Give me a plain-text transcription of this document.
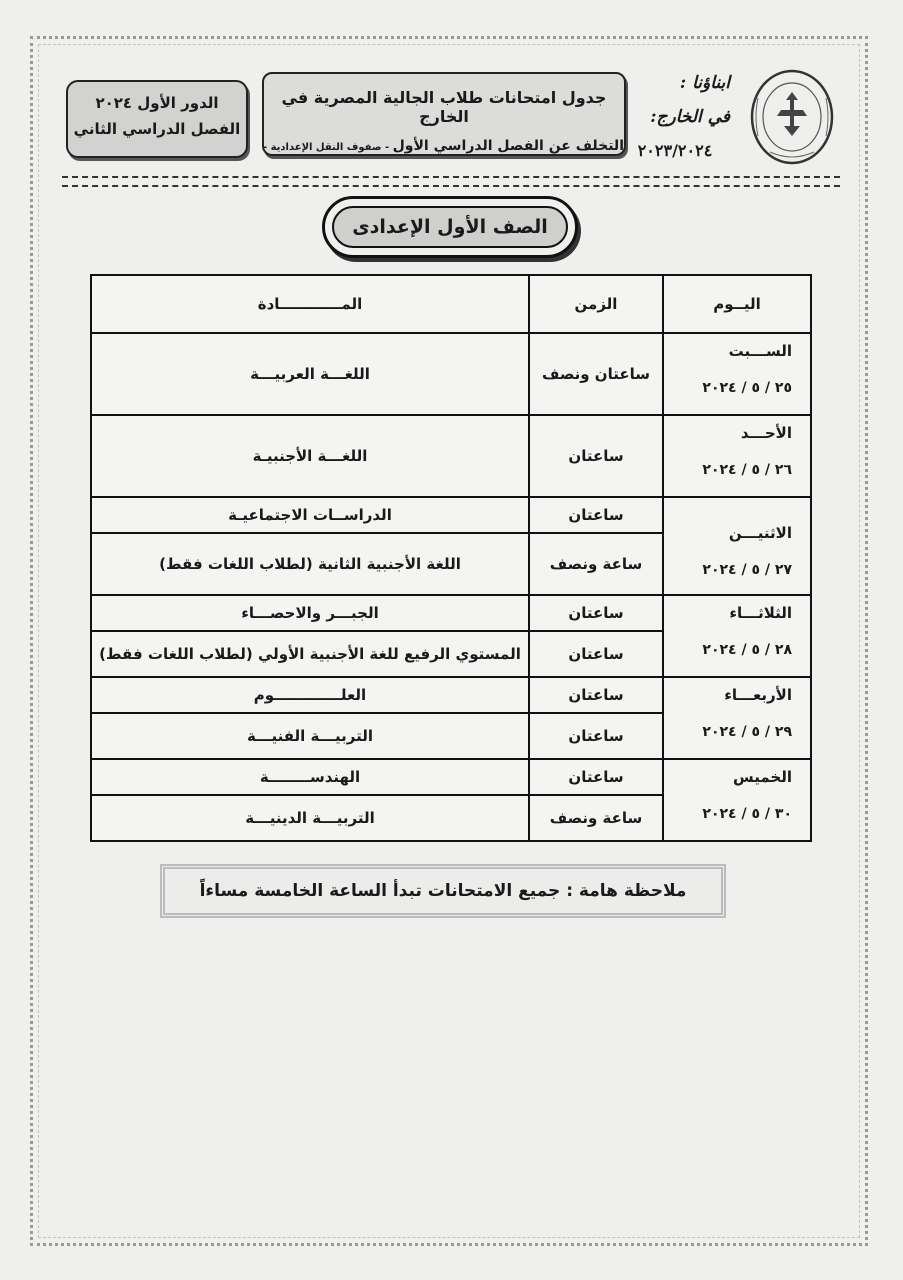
ابناؤنا :
في الخارج:
٢٠٢٣/٢٠٢٤
جدول امتحانات طلاب الجالية المصرية في الخارج
التخلف عن الفصل الدراسي الأول - صفوف النقل الإعدادية -
الدور الأول ٢٠٢٤
الفصل الدراسي الثاني
الصف الأول الإعدادى
اليــوم	الزمن	المــــــــــــادة

الســـبت
٢٥ / ٥ / ٢٠٢٤	ساعتان ونصف	اللغـــة العربيـــة

الأحـــد
٢٦ / ٥ / ٢٠٢٤	ساعتان	اللغـــة الأجنبيـة

الاثنيـــن
٢٧ / ٥ / ٢٠٢٤	ساعتان	الدراســات الاجتماعيـة
	ساعة ونصف	اللغة الأجنبية الثانية (لطلاب اللغات فقط)

الثلاثـــاء
٢٨ / ٥ / ٢٠٢٤	ساعتان	الجبـــر والاحصـــاء
	ساعتان	المستوي الرفيع للغة الأجنبية الأولي (لطلاب اللغات فقط)

الأربعـــاء
٢٩ / ٥ / ٢٠٢٤	ساعتان	العلـــــــــــــوم
	ساعتان	التربيـــة الفنيـــة

الخميس
٣٠ / ٥ / ٢٠٢٤	ساعتان	الهندســــــــة
	ساعة ونصف	التربيـــة الدينيـــة
ملاحظة هامة : جميع الامتحانات تبدأ الساعة الخامسة مساءاً
